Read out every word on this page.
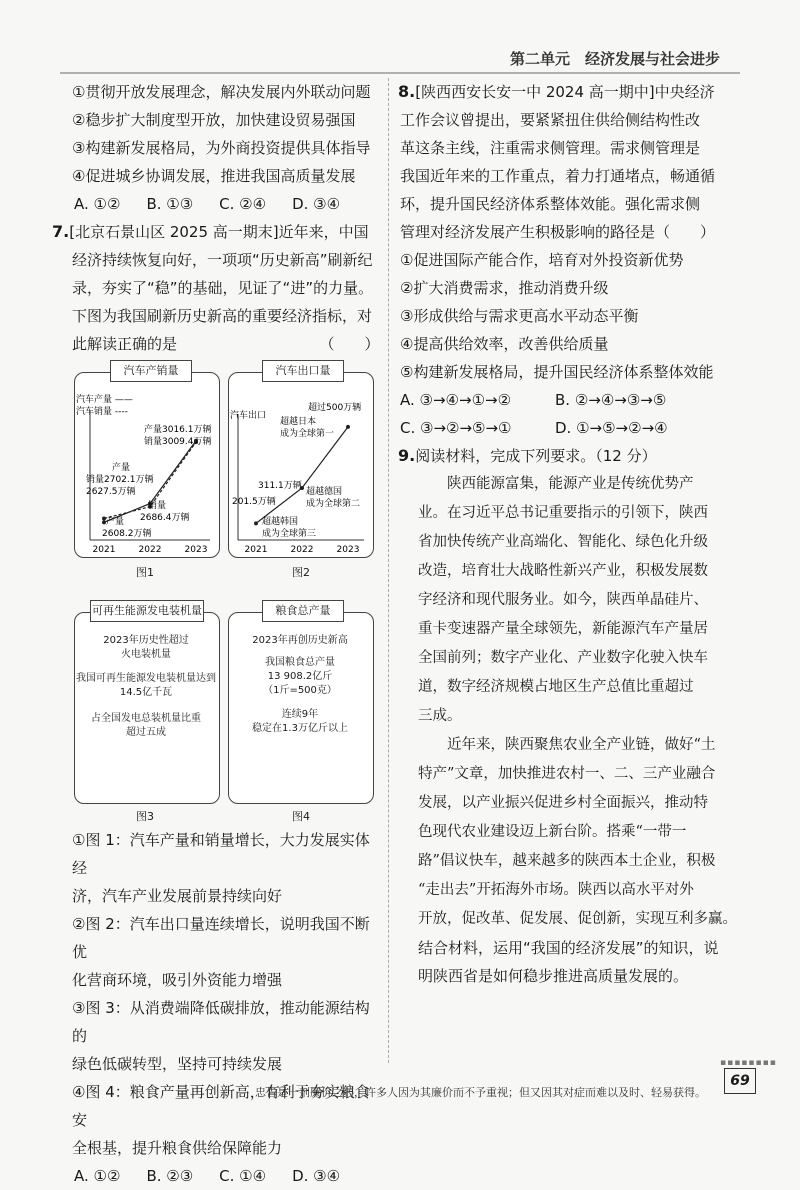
第二单元　经济发展与社会进步
①贯彻开放发展理念，解决发展内外联动问题
②稳步扩大制度型开放，加快建设贸易强国
③构建新发展格局，为外商投资提供具体指导
④促进城乡协调发展，推进我国高质量发展
A. ①② B. ①③ C. ②④ D. ③④
7.[北京石景山区 2025 高一期末]近年来，中国
经济持续恢复向好，一项项“历史新高”刷新纪
录，夯实了“稳”的基础，见证了“进”的力量。
下图为我国刷新历史新高的重要经济指标，对
此解读正确的是　　　　　　　　　　（　　）
汽车产销量
2021	2022	2023
汽车产量 ——
汽车销量 ----
产量3016.1万辆
销量3009.4万辆
产量
销量2702.1万辆
2627.5万辆
销量
2686.4万辆
产量
2608.2万辆
图1
汽车出口量
2021	2022	2023
汽车出口
超过500万辆
超越日本
成为全球第一
311.1万辆
201.5万辆
超越德国
成为全球第二
超越韩国
成为全球第三
图2
可再生能源发电装机量
2023年历史性超过
火电装机量
我国可再生能源发电装机量达到
14.5亿千瓦
占全国发电总装机量比重
超过五成
图3
粮食总产量
2023年再创历史新高
我国粮食总产量
13 908.2亿斤
（1斤=500克）
连续9年
稳定在1.3万亿斤以上
图4
①图 1：汽车产量和销量增长，大力发展实体经
济，汽车产业发展前景持续向好
②图 2：汽车出口量连续增长，说明我国不断优
化营商环境，吸引外资能力增强
③图 3：从消费端降低碳排放，推动能源结构的
绿色低碳转型，坚持可持续发展
④图 4：粮食产量再创新高，有利于夯实粮食安
全根基，提升粮食供给保障能力
A. ①② B. ②③ C. ①④ D. ③④
8.[陕西西安长安一中 2024 高一期中]中央经济
工作会议曾提出，要紧紧扭住供给侧结构性改
革这条主线，注重需求侧管理。需求侧管理是
我国近年来的工作重点，着力打通堵点，畅通循
环，提升国民经济体系整体效能。强化需求侧
管理对经济发展产生积极影响的路径是（　　）
①促进国际产能合作，培育对外投资新优势
②扩大消费需求，推动消费升级
③形成供给与需求更高水平动态平衡
④提高供给效率，改善供给质量
⑤构建新发展格局，提升国民经济体系整体效能
A. ③→④→①→②	B. ②→④→③→⑤
C. ③→②→⑤→①	D. ①→⑤→②→④
9.阅读材料，完成下列要求。（12 分）
　　陕西能源富集，能源产业是传统优势产
业。在习近平总书记重要指示的引领下，陕西
省加快传统产业高端化、智能化、绿色化升级
改造，培育壮大战略性新兴产业，积极发展数
字经济和现代服务业。如今，陕西单晶硅片、
重卡变速器产量全球领先，新能源汽车产量居
全国前列；数字产业化、产业数字化驶入快车
道，数字经济规模占地区生产总值比重超过
三成。
　　近年来，陕西聚焦农业全产业链，做好“土
特产”文章，加快推进农村一、二、三产业融合
发展，以产业振兴促进乡村全面振兴，推动特
色现代农业建设迈上新台阶。搭乘“一带一
路”倡议快车，越来越多的陕西本土企业，积极
“走出去”开拓海外市场。陕西以高水平对外
开放，促改革、促发展、促创新，实现互利多赢。
结合材料，运用“我国的经济发展”的知识，说
明陕西省是如何稳步推进高质量发展的。
▪▪▪▪▪▪▪▪
忠告是一剂廉价之药，许多人因为其廉价而不予重视；但又因其对症而难以及时、轻易获得。
69
